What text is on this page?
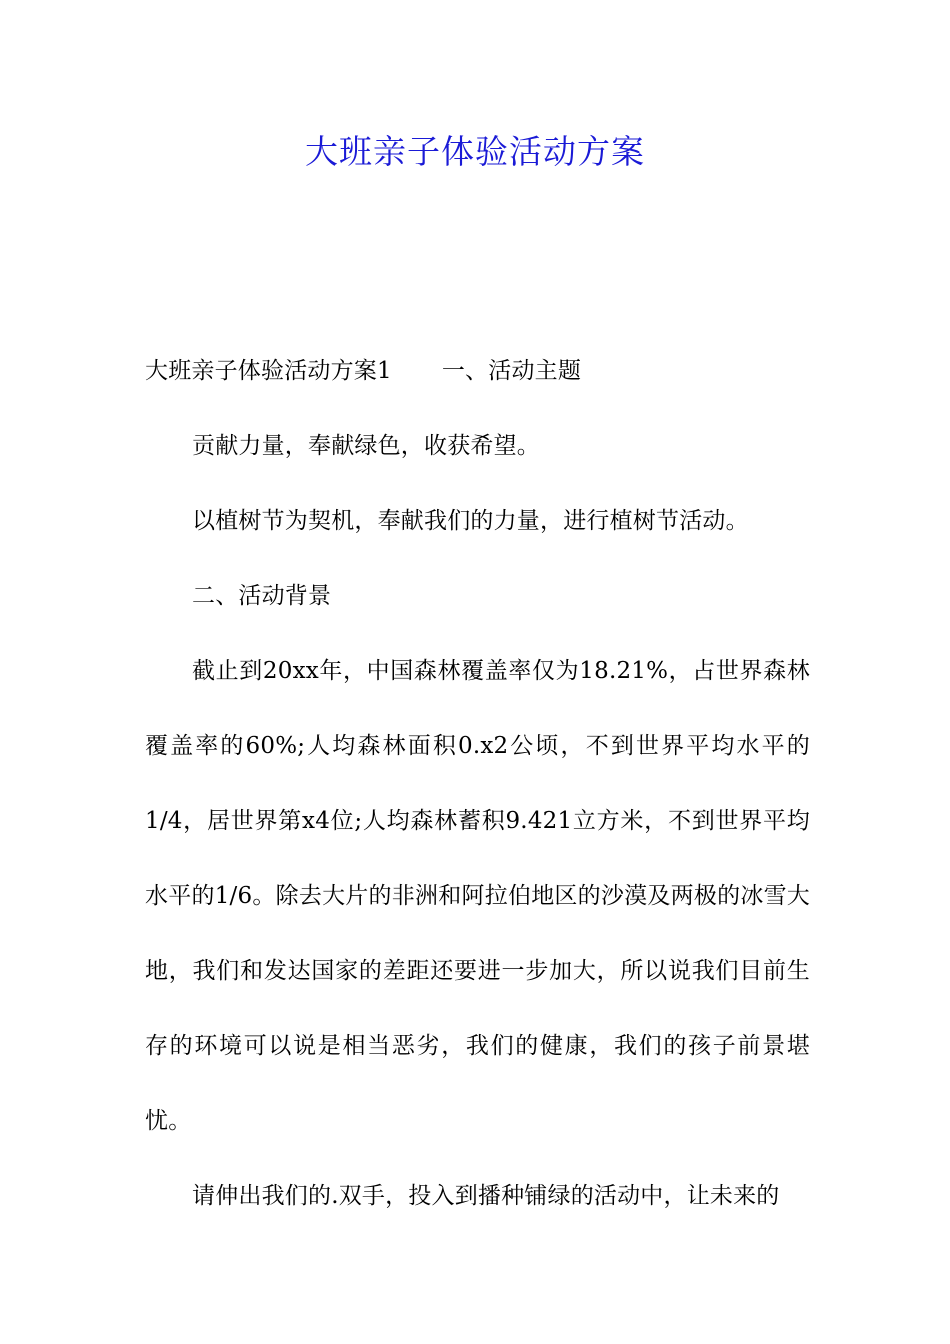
大班亲子体验活动方案

大班亲子体验活动方案1 一、活动主题

贡献力量，奉献绿色，收获希望。

以植树节为契机，奉献我们的力量，进行植树节活动。

二、活动背景

截止到20xx年，中国森林覆盖率仅为18.21%，占世界森林覆盖率的60%;人均森林面积0.x2公顷，不到世界平均水平的1/4，居世界第x4位;人均森林蓄积9.421立方米，不到世界平均水平的1/6。除去大片的非洲和阿拉伯地区的沙漠及两极的冰雪大地，我们和发达国家的差距还要进一步加大，所以说我们目前生存的环境可以说是相当恶劣，我们的健康，我们的孩子前景堪忧。

请伸出我们的.双手，投入到播种铺绿的活动中，让未来的
